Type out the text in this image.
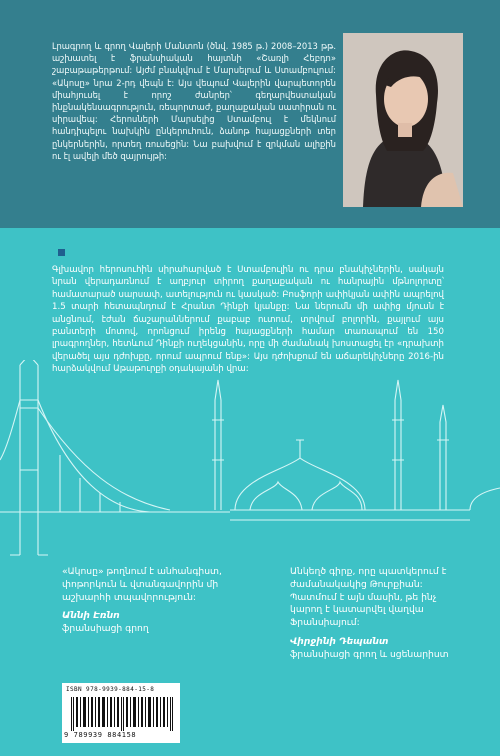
Լրագրող և գրող Վալերի Մանտոն (ծնվ. 1985 թ.) 2008–2013 թթ. աշխատել է ֆրանսիական հայտնի «Շառլի Հեբդո» շաբաթաթերթում: Այժմ բնակվում է Մարսելում և Ստամբուլում: «Ակոսը» նրա 2-րդ վեպն է: Այս վեպում Վալերին վարպետորեն միահյուսել է որոշ ժանրեր՝ գեղարվեստական ինքնակենսագրություն, ռեպորտաժ, քաղաքական սատիրան ու սիրավեպ: Հերոսների Մարսելից Ստամբուլ է մեկնում հանդիպելու նախկին ընկերուհուն, ձանոթ հայացքների տեր ընկերներին, որտեղ ռուսեցին: Նա բախվում է զրկման ալիքին ու էլ ավելի մեծ զայրույթի:
Գլխավոր հերոսուհին սիրահարված է Ստամբուլին ու դրա բնակիչներին, սակայն նրան վերադառնում է աղբյուր տիրող քաղաքական ու հանրային մթնոլորտը՝ համատարած սարսափ, ատելություն ու կասկած: Բոսֆորի ափիկյան ափին ապրելով 1.5 տարի հետապնդում է Հրանտ Դինքի կյանքը: Նա ներումն մի ափից մյուսն է անցնում, էժան ճաշարաններում քաբաբ ուտում, տրվում բոլորին, քայլում այս բանտերի մոտով, որոնցում իրենց հայացքների համար տառապում են 150 լրագրողներ, հետևում Դինքի ուղեկցանին, որը մի ժամանակ խոստացել էր «դրախտի վերածել այս դժոխքը, որում ապրում ենք»: Այս դժոխքում են աճարեկիչները 2016-ին հարձակվում Աթաթուրքի օդակայանի վրա:
«Ակոսը» թողնում է անհանգիստ, փոթորկուն և վտանգավորին մի աշխարհի տպավորություն:
Աննի Էռնո
ֆրանսիացի գրող
Անկեղծ գիրք, որը պատկերում է ժամանակակից Թուրքիան: Պատմում է այն մասին, թե ինչ կարող է կատարվել վաղվա Ֆրանսիայում:
Վիրջինի Դեպանտ
ֆրանսիացի գրող և սցենարիստ
ISBN 978-9939-884-15-8
9 789939 884158
